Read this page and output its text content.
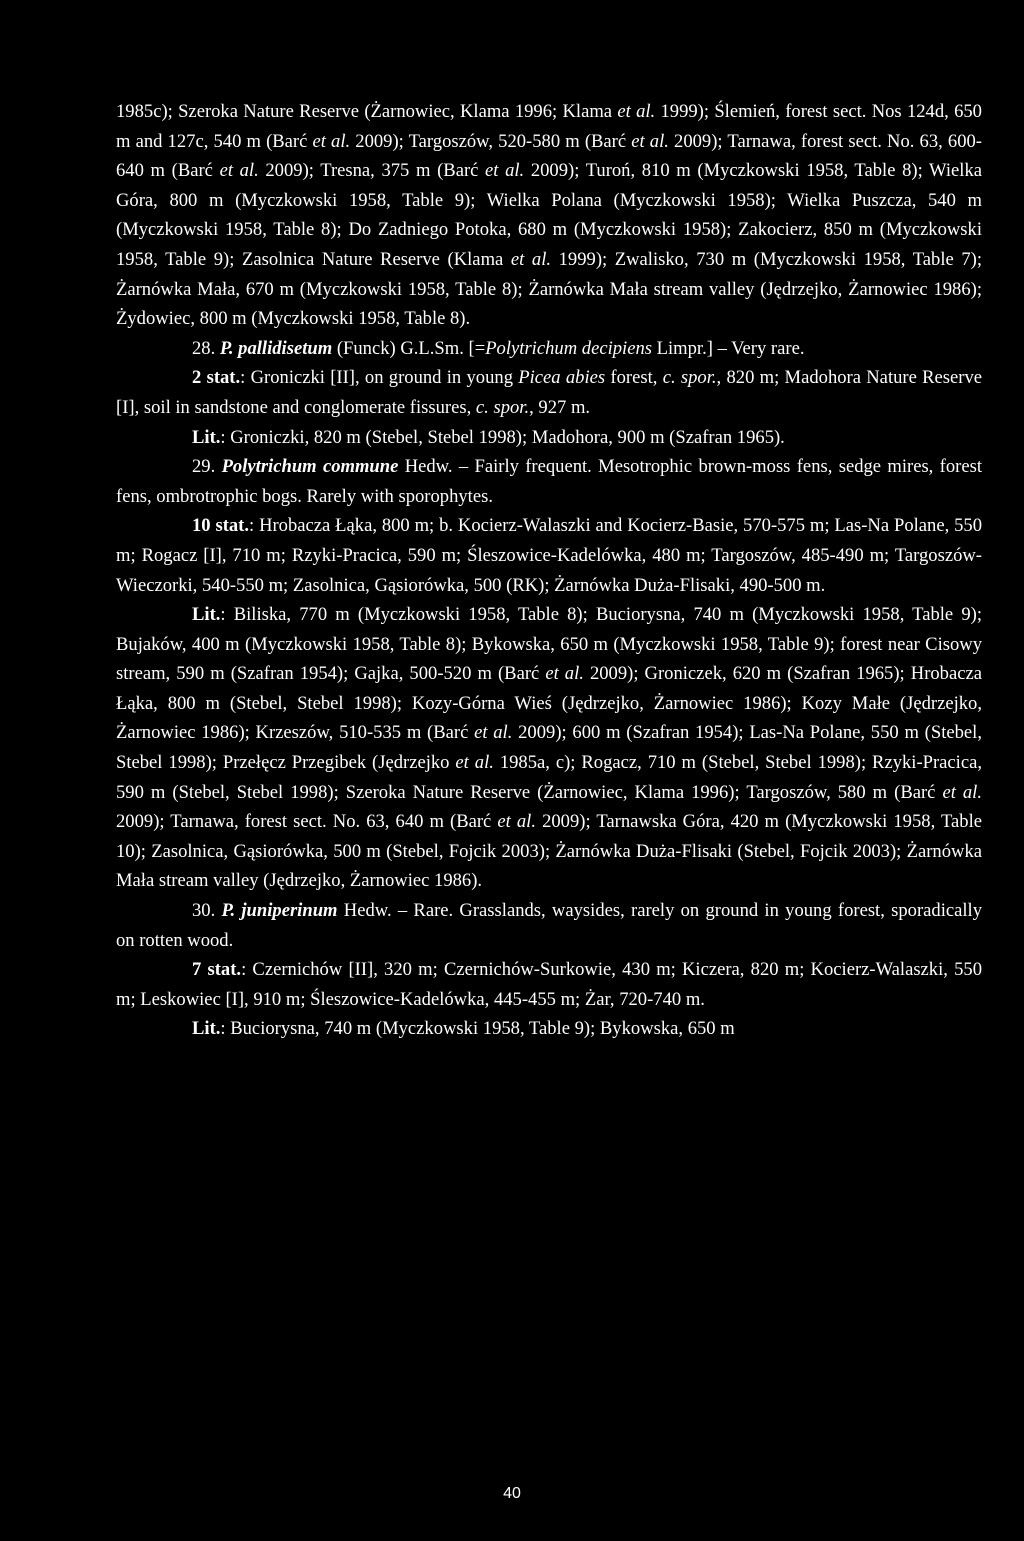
1985c); Szeroka Nature Reserve (Żarnowiec, Klama 1996; Klama et al. 1999); Ślemień, forest sect. Nos 124d, 650 m and 127c, 540 m (Barć et al. 2009); Targoszów, 520-580 m (Barć et al. 2009); Tarnawa, forest sect. No. 63, 600-640 m (Barć et al. 2009); Tresna, 375 m (Barć et al. 2009); Turoń, 810 m (Myczkowski 1958, Table 8); Wielka Góra, 800 m (Myczkowski 1958, Table 9); Wielka Polana (Myczkowski 1958); Wielka Puszcza, 540 m (Myczkowski 1958, Table 8); Do Zadniego Potoka, 680 m (Myczkowski 1958); Zakocierz, 850 m (Myczkowski 1958, Table 9); Zasolnica Nature Reserve (Klama et al. 1999); Zwalisko, 730 m (Myczkowski 1958, Table 7); Żarnówka Mała, 670 m (Myczkowski 1958, Table 8); Żarnówka Mała stream valley (Jędrzejko, Żarnowiec 1986); Żydowiec, 800 m (Myczkowski 1958, Table 8).

28. P. pallidisetum (Funck) G.L.Sm. [=Polytrichum decipiens Limpr.] – Very rare.

2 stat.: Groniczki [II], on ground in young Picea abies forest, c. spor., 820 m; Madohora Nature Reserve [I], soil in sandstone and conglomerate fissures, c. spor., 927 m.

Lit.: Groniczki, 820 m (Stebel, Stebel 1998); Madohora, 900 m (Szafran 1965).

29. Polytrichum commune Hedw. – Fairly frequent. Mesotrophic brown-moss fens, sedge mires, forest fens, ombrotrophic bogs. Rarely with sporophytes.

10 stat.: Hrobacza Łąka, 800 m; b. Kocierz-Walaszki and Kocierz-Basie, 570-575 m; Las-Na Polane, 550 m; Rogacz [I], 710 m; Rzyki-Pracica, 590 m; Śleszowice-Kadelówka, 480 m; Targoszów, 485-490 m; Targoszów-Wieczorki, 540-550 m; Zasolnica, Gąsiorówka, 500 (RK); Żarnówka Duża-Flisaki, 490-500 m.

Lit.: Biliska, 770 m (Myczkowski 1958, Table 8); Buciorysna, 740 m (Myczkowski 1958, Table 9); Bujaków, 400 m (Myczkowski 1958, Table 8); Bykowska, 650 m (Myczkowski 1958, Table 9); forest near Cisowy stream, 590 m (Szafran 1954); Gajka, 500-520 m (Barć et al. 2009); Groniczek, 620 m (Szafran 1965); Hrobacza Łąka, 800 m (Stebel, Stebel 1998); Kozy-Górna Wieś (Jędrzejko, Żarnowiec 1986); Kozy Małe (Jędrzejko, Żarnowiec 1986); Krzeszów, 510-535 m (Barć et al. 2009); 600 m (Szafran 1954); Las-Na Polane, 550 m (Stebel, Stebel 1998); Przełęcz Przegibek (Jędrzejko et al. 1985a, c); Rogacz, 710 m (Stebel, Stebel 1998); Rzyki-Pracica, 590 m (Stebel, Stebel 1998); Szeroka Nature Reserve (Żarnowiec, Klama 1996); Targoszów, 580 m (Barć et al. 2009); Tarnawa, forest sect. No. 63, 640 m (Barć et al. 2009); Tarnawska Góra, 420 m (Myczkowski 1958, Table 10); Zasolnica, Gąsiorówka, 500 m (Stebel, Fojcik 2003); Żarnówka Duża-Flisaki (Stebel, Fojcik 2003); Żarnówka Mała stream valley (Jędrzejko, Żarnowiec 1986).

30. P. juniperinum Hedw. – Rare. Grasslands, waysides, rarely on ground in young forest, sporadically on rotten wood.

7 stat.: Czernichów [II], 320 m; Czernichów-Surkowie, 430 m; Kiczera, 820 m; Kocierz-Walaszki, 550 m; Leskowiec [I], 910 m; Śleszowice-Kadelówka, 445-455 m; Żar, 720-740 m.

Lit.: Buciorysna, 740 m (Myczkowski 1958, Table 9); Bykowska, 650 m

40
